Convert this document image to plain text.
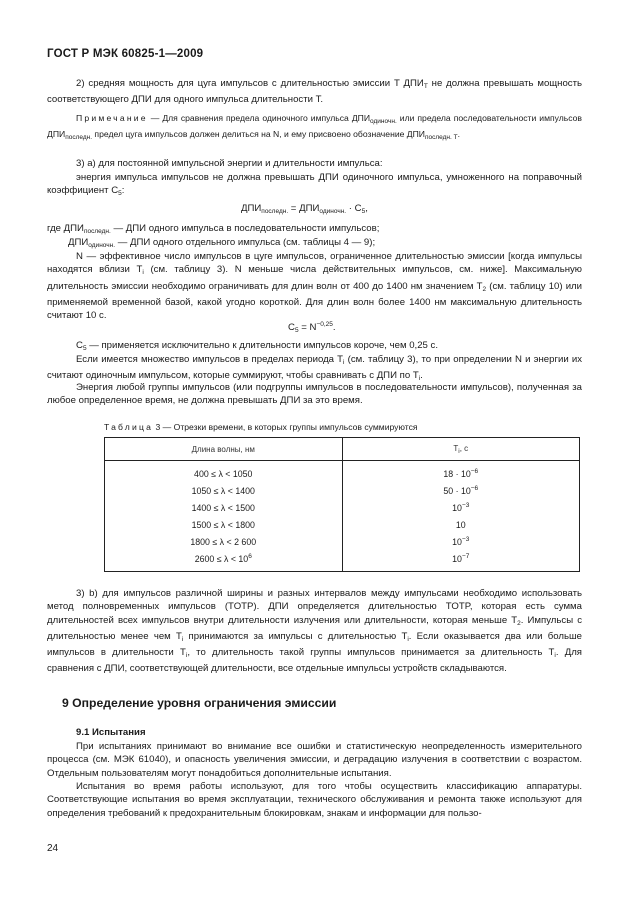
ГОСТ Р МЭК 60825-1—2009
2) средняя мощность для цуга импульсов с длительностью эмиссии T $ДПИ_T$ не должна превышать мощность соответствующего ДПИ для одного импульса длительности T.
Примечание — Для сравнения предела одиночного импульса $ДПИ_{одиночн.}$ или предела последовательности импульсов $ДПИ_{последн.}$ предел цуга импульсов должен делиться на N, и ему присвоено обозначение $ДПИ_{последн. T}$.
3) а) для постоянной импульсной энергии и длительности импульса:
энергия импульса импульсов не должна превышать ДПИ одиночного импульса, умноженного на поправочный коэффициент $C_5$:
$ДПИ_{последн.} = ДПИ_{одиночн.} \cdot C_5$,
где $ДПИ_{последн.}$ — ДПИ одного импульса в последовательности импульсов;
$ДПИ_{одиночн.}$ — ДПИ одного отдельного импульса (см. таблицы 4 — 9);
N — эффективное число импульсов в цуге импульсов, ограниченное длительностью эмиссии [когда импульсы находятся вблизи $T_i$ (см. таблицу 3). N меньше числа действительных импульсов, см. ниже]. Максимальную длительность эмиссии необходимо ограничивать для длин волн от 400 до 1400 нм значением $T_2$ (см. таблицу 10) или применяемой временной базой, какой угодно короткой. Для длин волн более 1400 нм максимальную длительность считают 10 с.
$C_5 = N^{-0,25}$.
$C_5$ — применяется исключительно к длительности импульсов короче, чем 0,25 с.
Если имеется множество импульсов в пределах периода $T_i$ (см. таблицу 3), то при определении N и энергии их считают одиночным импульсом, которые суммируют, чтобы сравнивать с ДПИ по $T_i$.
Энергия любой группы импульсов (или подгруппы импульсов в последовательности импульсов), полученная за любое определенное время, не должна превышать ДПИ за это время.
Таблица 3 — Отрезки времени, в которых группы импульсов суммируются
Длина волны, нм	$T_i$, с
400 ≤ λ < 1050	$18 \cdot 10^{-6}$
1050 ≤ λ < 1400	$50 \cdot 10^{-6}$
1400 ≤ λ < 1500	$10^{-3}$
1500 ≤ λ < 1800	10
1800 ≤ λ < 2 600	$10^{-3}$
$2600 \le \lambda < 10^6$	$10^{-7}$
3) b) для импульсов различной ширины и разных интервалов между импульсами необходимо использовать метод полновременных импульсов (TOTP). ДПИ определяется длительностью TOTP, которая есть сумма длительностей всех импульсов внутри длительности излучения или длительности, которая меньше $T_2$. Импульсы с длительностью менее чем $T_i$ принимаются за импульсы с длительностью $T_i$. Если оказывается два или больше импульсов в длительности $T_i$, то длительность такой группы импульсов принимается за длительность $T_i$. Для сравнения с ДПИ, соответствующей длительности, все отдельные импульсы устройств складываются.
9 Определение уровня ограничения эмиссии
9.1 Испытания
При испытаниях принимают во внимание все ошибки и статистическую неопределенность измерительного процесса (см. МЭК 61040), и опасность увеличения эмиссии, и деградацию излучения в соответствии с возрастом. Отдельным пользователям могут понадобиться дополнительные испытания.
Испытания во время работы используют, для того чтобы осуществить классификацию аппаратуры. Соответствующие испытания во время эксплуатации, технического обслуживания и ремонта также используют для определения требований к предохранительным блокировкам, знакам и информации для пользо-
24
